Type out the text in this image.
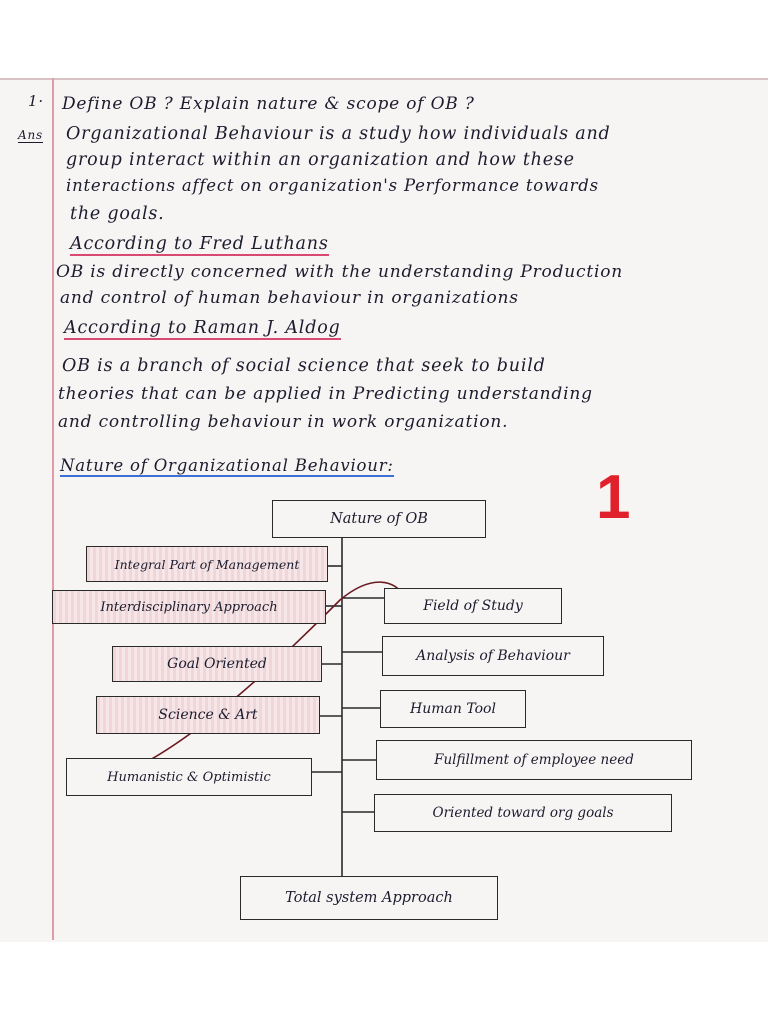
1· Define OB ? Explain nature & scope of OB ?
Ans Organizational Behaviour is a study how individuals and
group interact within an organization and how these
interactions affect on organization's Performance towards
the goals.
According to Fred Luthans
OB is directly concerned with the understanding Production
and control of human behaviour in organizations
According to Raman J. Aldog
OB is a branch of social science that seek to build
theories that can be applied in Predicting understanding
and controlling behaviour in work organization.
Nature of Organizational Behaviour:	1
Nature of OB
Integral Part of Management
Interdisciplinary Approach
Goal Oriented
Science & Art
Humanistic & Optimistic
Field of Study
Analysis of Behaviour
Human Tool
Fulfillment of employee need
Oriented toward org goals
Total system Approach
